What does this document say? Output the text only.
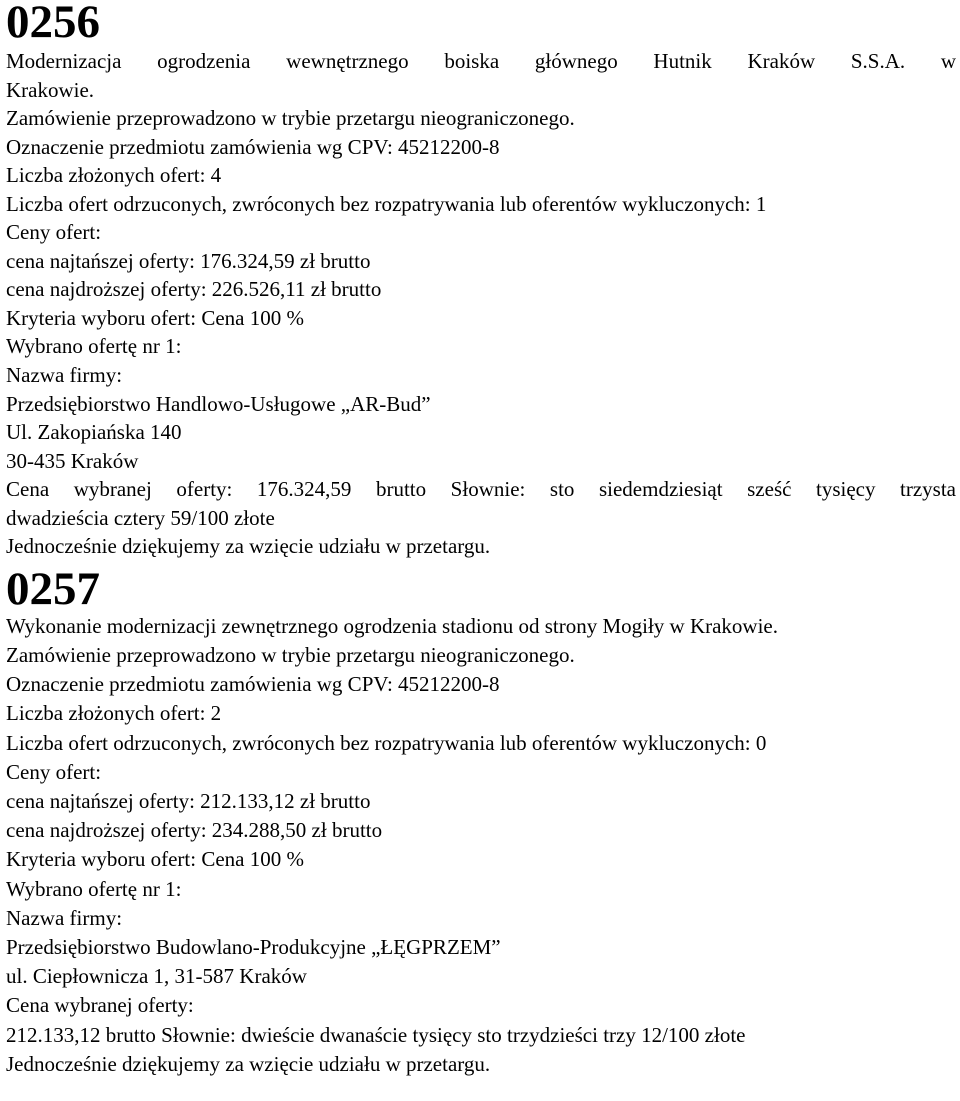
0256
Modernizacja ogrodzenia wewnętrznego boiska głównego Hutnik Kraków S.S.A. w
Krakowie.
Zamówienie przeprowadzono w trybie przetargu nieograniczonego.
Oznaczenie przedmiotu zamówienia wg CPV: 45212200-8
Liczba złożonych ofert: 4
Liczba ofert odrzuconych, zwróconych bez rozpatrywania lub oferentów wykluczonych: 1
Ceny ofert:
cena najtańszej oferty: 176.324,59 zł brutto
cena najdroższej oferty: 226.526,11 zł brutto
Kryteria wyboru ofert: Cena 100 %
Wybrano ofertę nr 1:
Nazwa firmy:
Przedsiębiorstwo Handlowo-Usługowe „AR-Bud”
Ul. Zakopiańska 140
30-435 Kraków
Cena wybranej oferty: 176.324,59 brutto Słownie: sto siedemdziesiąt sześć tysięcy trzysta
dwadzieścia cztery 59/100 złote
Jednocześnie dziękujemy za wzięcie udziału w przetargu.
0257
Wykonanie modernizacji zewnętrznego ogrodzenia stadionu od strony Mogiły w Krakowie.
Zamówienie przeprowadzono w trybie przetargu nieograniczonego.
Oznaczenie przedmiotu zamówienia wg CPV: 45212200-8
Liczba złożonych ofert: 2
Liczba ofert odrzuconych, zwróconych bez rozpatrywania lub oferentów wykluczonych: 0
Ceny ofert:
cena najtańszej oferty: 212.133,12 zł brutto
cena najdroższej oferty: 234.288,50 zł brutto
Kryteria wyboru ofert: Cena 100 %
Wybrano ofertę nr 1:
Nazwa firmy:
Przedsiębiorstwo Budowlano-Produkcyjne „ŁĘGPRZEM”
ul. Ciepłownicza 1, 31-587 Kraków
Cena wybranej oferty:
212.133,12 brutto Słownie: dwieście dwanaście tysięcy sto trzydzieści trzy 12/100 złote
Jednocześnie dziękujemy za wzięcie udziału w przetargu.
